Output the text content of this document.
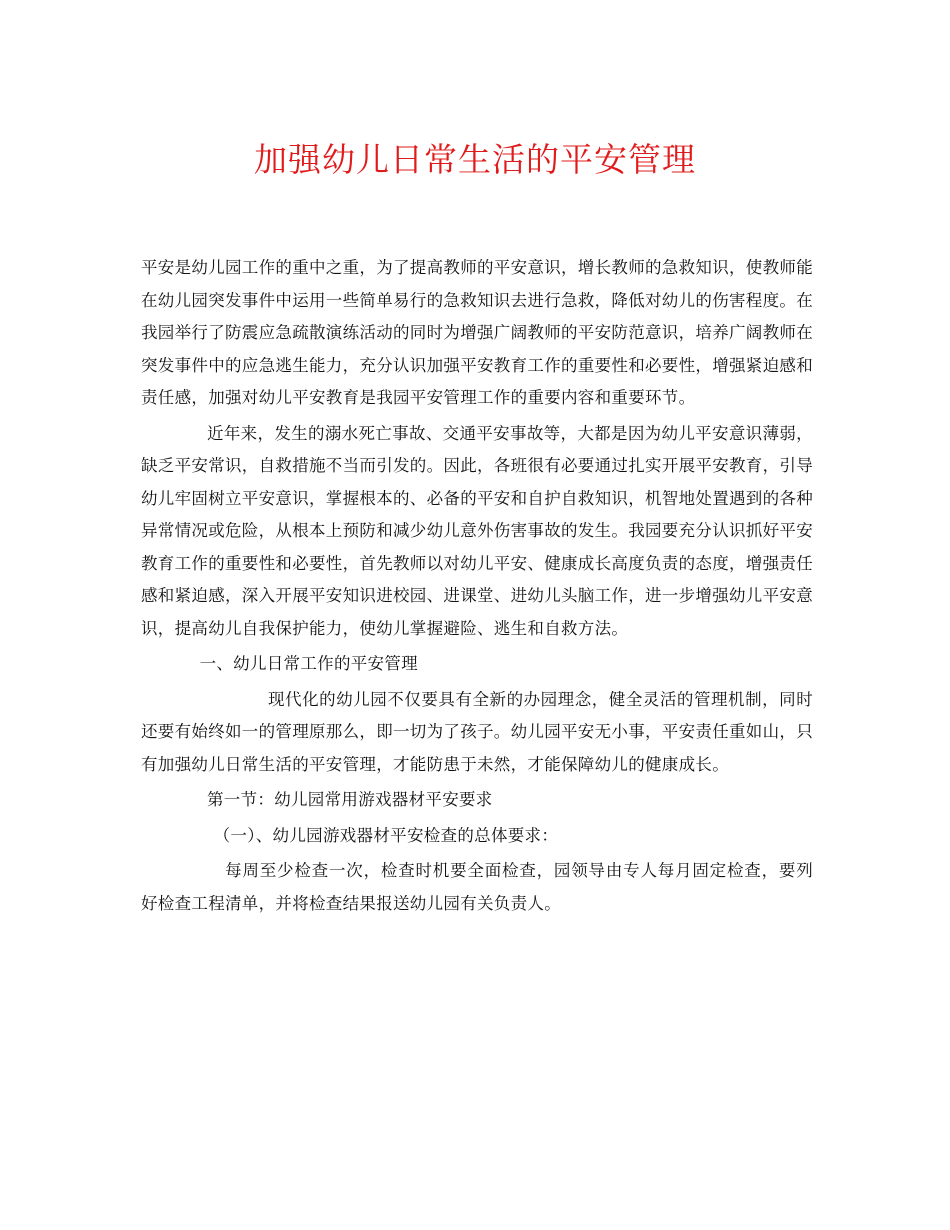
加强幼儿日常生活的平安管理

平安是幼儿园工作的重中之重，为了提高教师的平安意识，增长教师的急救知识，使教师能在幼儿园突发事件中运用一些简单易行的急救知识去进行急救，降低对幼儿的伤害程度。在我园举行了防震应急疏散演练活动的同时为增强广阔教师的平安防范意识，培养广阔教师在突发事件中的应急逃生能力，充分认识加强平安教育工作的重要性和必要性，增强紧迫感和责任感，加强对幼儿平安教育是我园平安管理工作的重要内容和重要环节。

近年来，发生的溺水死亡事故、交通平安事故等，大都是因为幼儿平安意识薄弱，缺乏平安常识，自救措施不当而引发的。因此，各班很有必要通过扎实开展平安教育，引导幼儿牢固树立平安意识，掌握根本的、必备的平安和自护自救知识，机智地处置遇到的各种异常情况或危险，从根本上预防和减少幼儿意外伤害事故的发生。我园要充分认识抓好平安教育工作的重要性和必要性，首先教师以对幼儿平安、健康成长高度负责的态度，增强责任感和紧迫感，深入开展平安知识进校园、进课堂、进幼儿头脑工作，进一步增强幼儿平安意识，提高幼儿自我保护能力，使幼儿掌握避险、逃生和自救方法。

一、幼儿日常工作的平安管理

现代化的幼儿园不仅要具有全新的办园理念，健全灵活的管理机制，同时还要有始终如一的管理原那么，即一切为了孩子。幼儿园平安无小事，平安责任重如山，只有加强幼儿日常生活的平安管理，才能防患于未然，才能保障幼儿的健康成长。

第一节：幼儿园常用游戏器材平安要求

（一）、幼儿园游戏器材平安检查的总体要求：

每周至少检查一次，检查时机要全面检查，园领导由专人每月固定检查，要列好检查工程清单，并将检查结果报送幼儿园有关负责人。
